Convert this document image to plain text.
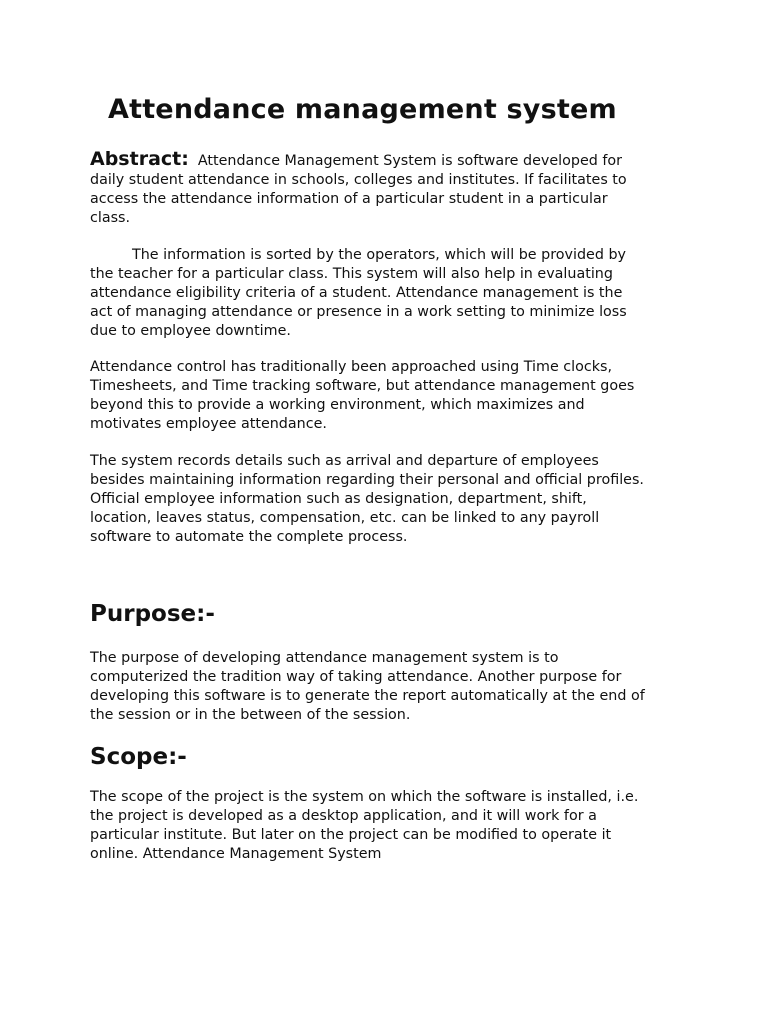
Attendance management system
Abstract: Attendance Management System is software developed for
daily student attendance in schools, colleges and institutes. If facilitates to
access the attendance information of a particular student in a particular
class.
The information is sorted by the operators, which will be provided by
the teacher for a particular class. This system will also help in evaluating
attendance eligibility criteria of a student. Attendance management is the
act of managing attendance or presence in a work setting to minimize loss
due to employee downtime.
Attendance control has traditionally been approached using Time clocks,
Timesheets, and Time tracking software, but attendance management goes
beyond this to provide a working environment, which maximizes and
motivates employee attendance.
The system records details such as arrival and departure of employees
besides maintaining information regarding their personal and official profiles.
Official employee information such as designation, department, shift,
location, leaves status, compensation, etc. can be linked to any payroll
software to automate the complete process.
Purpose:-
The purpose of developing attendance management system is to
computerized the tradition way of taking attendance. Another purpose for
developing this software is to generate the report automatically at the end of
the session or in the between of the session.
Scope:-
The scope of the project is the system on which the software is installed, i.e.
the project is developed as a desktop application, and it will work for a
particular institute. But later on the project can be modified to operate it
online. Attendance Management System
